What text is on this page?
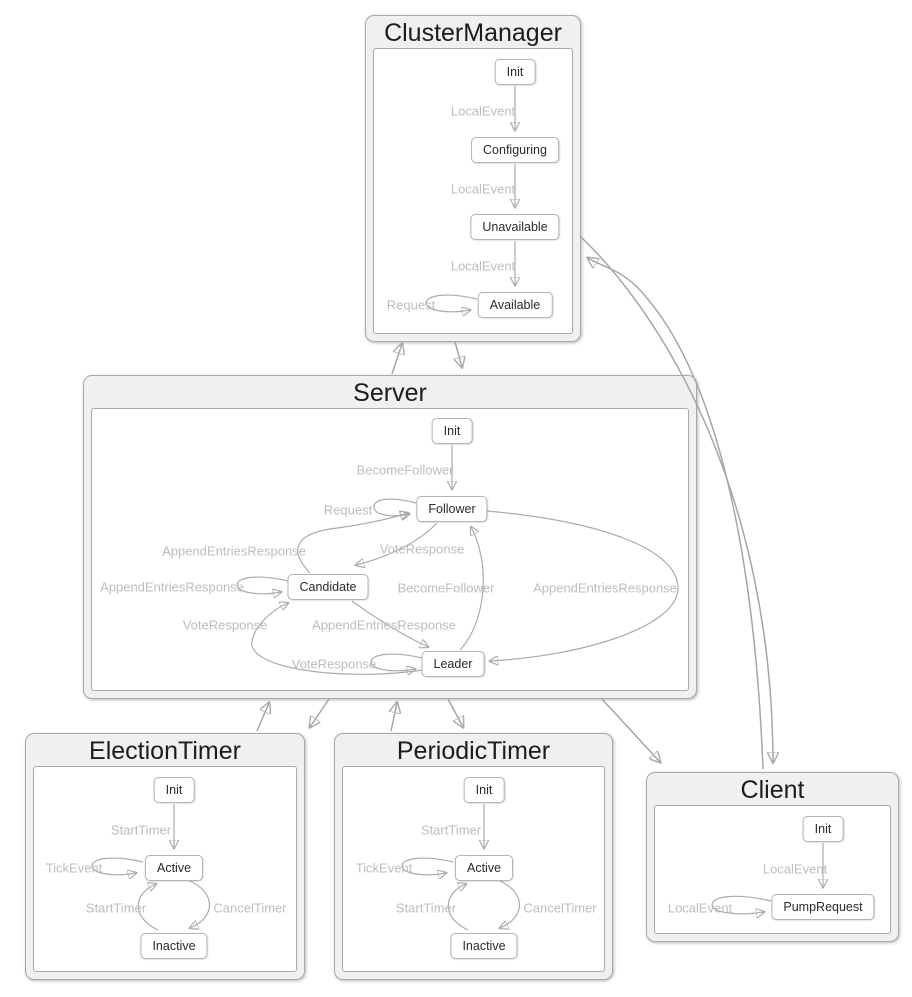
ClusterManager
Server
ElectionTimer	PeriodicTimer
Client
Init
Configuring
Unavailable
Available
LocalEvent
LocalEvent
LocalEvent
Request
Init
Follower
Candidate
Leader
BecomeFollower
Request
AppendEntriesResponse	VoteResponse
AppendEntriesResponse	BecomeFollower	AppendEntriesResponse
VoteResponse	AppendEntriesResponse
VoteResponse
Init
Active
Inactive
StartTimer
TickEvent
StartTimer	CancelTimer
Init
Active
Inactive
StartTimer
TickEvent
StartTimer	CancelTimer
Init
PumpRequest
LocalEvent
LocalEvent
